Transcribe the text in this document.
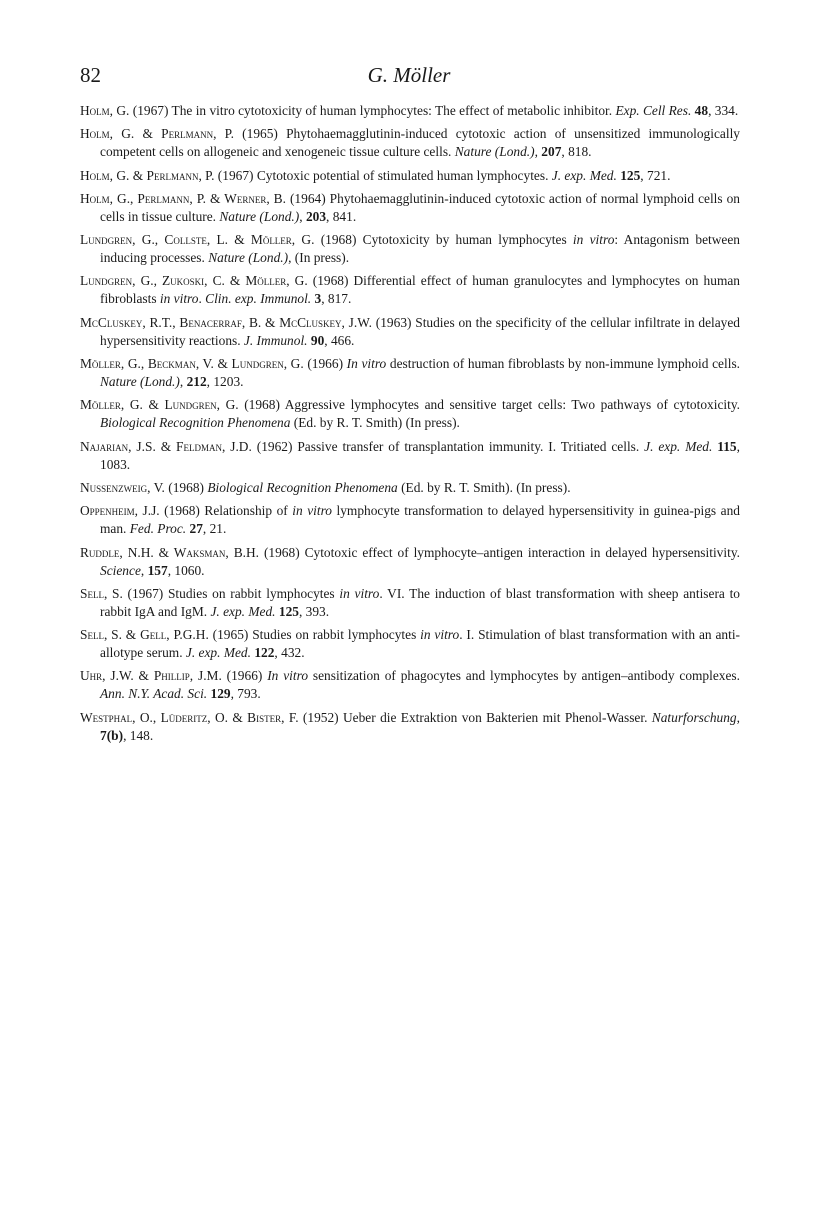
82	G. Möller

Holm, G. (1967) The in vitro cytotoxicity of human lymphocytes: The effect of metabolic inhibitor. Exp. Cell Res. 48, 334.

Holm, G. & Perlmann, P. (1965) Phytohaemagglutinin-induced cytotoxic action of unsensitized immunologically competent cells on allogeneic and xenogeneic tissue culture cells. Nature (Lond.), 207, 818.

Holm, G. & Perlmann, P. (1967) Cytotoxic potential of stimulated human lymphocytes. J. exp. Med. 125, 721.

Holm, G., Perlmann, P. & Werner, B. (1964) Phytohaemagglutinin-induced cytotoxic action of normal lymphoid cells on cells in tissue culture. Nature (Lond.), 203, 841.

Lundgren, G., Collste, L. & Möller, G. (1968) Cytotoxicity by human lymphocytes in vitro: Antagonism between inducing processes. Nature (Lond.), (In press).

Lundgren, G., Zukoski, C. & Möller, G. (1968) Differential effect of human granulocytes and lymphocytes on human fibroblasts in vitro. Clin. exp. Immunol. 3, 817.

McCluskey, R.T., Benacerraf, B. & McCluskey, J.W. (1963) Studies on the specificity of the cellular infiltrate in delayed hypersensitivity reactions. J. Immunol. 90, 466.

Möller, G., Beckman, V. & Lundgren, G. (1966) In vitro destruction of human fibroblasts by non-immune lymphoid cells. Nature (Lond.), 212, 1203.

Möller, G. & Lundgren, G. (1968) Aggressive lymphocytes and sensitive target cells: Two pathways of cytotoxicity. Biological Recognition Phenomena (Ed. by R. T. Smith) (In press).

Najarian, J.S. & Feldman, J.D. (1962) Passive transfer of transplantation immunity. I. Tritiated cells. J. exp. Med. 115, 1083.

Nussenzweig, V. (1968) Biological Recognition Phenomena (Ed. by R. T. Smith). (In press).

Oppenheim, J.J. (1968) Relationship of in vitro lymphocyte transformation to delayed hypersensitivity in guinea-pigs and man. Fed. Proc. 27, 21.

Ruddle, N.H. & Waksman, B.H. (1968) Cytotoxic effect of lymphocyte–antigen interaction in delayed hypersensitivity. Science, 157, 1060.

Sell, S. (1967) Studies on rabbit lymphocytes in vitro. VI. The induction of blast transformation with sheep antisera to rabbit IgA and IgM. J. exp. Med. 125, 393.

Sell, S. & Gell, P.G.H. (1965) Studies on rabbit lymphocytes in vitro. I. Stimulation of blast transformation with an anti-allotype serum. J. exp. Med. 122, 432.

Uhr, J.W. & Phillip, J.M. (1966) In vitro sensitization of phagocytes and lymphocytes by antigen–antibody complexes. Ann. N.Y. Acad. Sci. 129, 793.

Westphal, O., Lüderitz, O. & Bister, F. (1952) Ueber die Extraktion von Bakterien mit Phenol-Wasser. Naturforschung, 7(b), 148.
